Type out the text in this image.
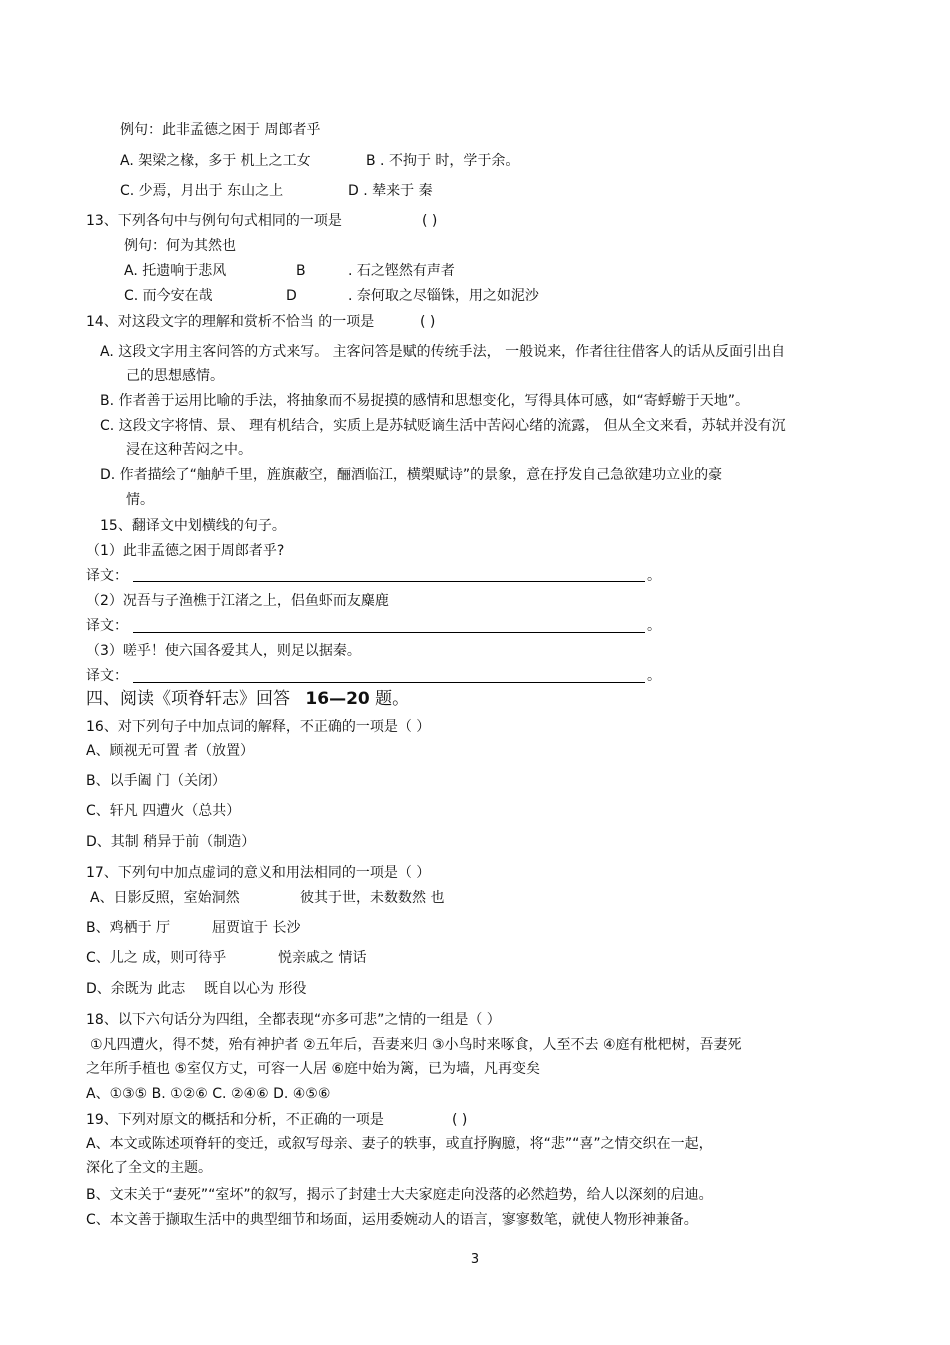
例句：此非孟德之困于 周郎者乎
A. 架梁之椽，多于 机上之工女	B . 不拘于 时，学于余。
C. 少焉，月出于 东山之上	D . 辇来于 秦
13、下列各句中与例句句式相同的一项是	( )
例句：何为其然也
A. 托遗响于悲风	B	. 石之铿然有声者
C. 而今安在哉	D	. 奈何取之尽锱铢，用之如泥沙
14、对这段文字的理解和赏析不恰当 的一项是	( )
A. 这段文字用主客问答的方式来写。 主客问答是赋的传统手法， 一般说来，作者往往借客人的话从反面引出自
己的思想感情。
B. 作者善于运用比喻的手法，将抽象而不易捉摸的感情和思想变化，写得具体可感，如“寄蜉蝣于天地”。
C. 这段文字将情、景、 理有机结合，实质上是苏轼贬谪生活中苦闷心绪的流露， 但从全文来看，苏轼并没有沉
浸在这种苦闷之中。
D. 作者描绘了“舳舻千里，旌旗蔽空，酾酒临江，横槊赋诗”的景象，意在抒发自己急欲建功立业的豪
情。
15、翻译文中划横线的句子。
（1）此非孟德之困于周郎者乎?
译文：	。
（2）况吾与子渔樵于江渚之上，侣鱼虾而友麋鹿
译文：	。
（3）嗟乎！使六国各爱其人，则足以据秦。
译文：	。
四、阅读《项脊轩志》回答 16—20 题。
16、对下列句子中加点词的解释，不正确的一项是（ ）
A、顾视无可置 者（放置）
B、以手阖 门（关闭）
C、轩凡 四遭火（总共）
D、其制 稍异于前（制造）
17、下列句中加点虚词的意义和用法相同的一项是（ ）
A、日影反照，室始洞然	彼其于世，未数数然 也
B、鸡栖于 厅	屈贾谊于 长沙
C、儿之 成，则可待乎	悦亲戚之 情话
D、余既为 此志 既自以心为 形役
18、以下六句话分为四组，全都表现“亦多可悲”之情的一组是（ ）
①凡四遭火，得不焚，殆有神护者 ②五年后，吾妻来归 ③小鸟时来啄食，人至不去 ④庭有枇杷树，吾妻死
之年所手植也 ⑤室仅方丈，可容一人居 ⑥庭中始为篱，已为墙，凡再变矣
A、①③⑤ B. ①②⑥ C. ②④⑥ D. ④⑤⑥
19、下列对原文的概括和分析，不正确的一项是	( )
A、本文或陈述项脊轩的变迁，或叙写母亲、妻子的轶事，或直抒胸臆，将“悲”“喜”之情交织在一起，
深化了全文的主题。
B、文末关于“妻死”“室坏”的叙写，揭示了封建士大夫家庭走向没落的必然趋势，给人以深刻的启迪。
C、本文善于撷取生活中的典型细节和场面，运用委婉动人的语言，寥寥数笔，就使人物形神兼备。
3
